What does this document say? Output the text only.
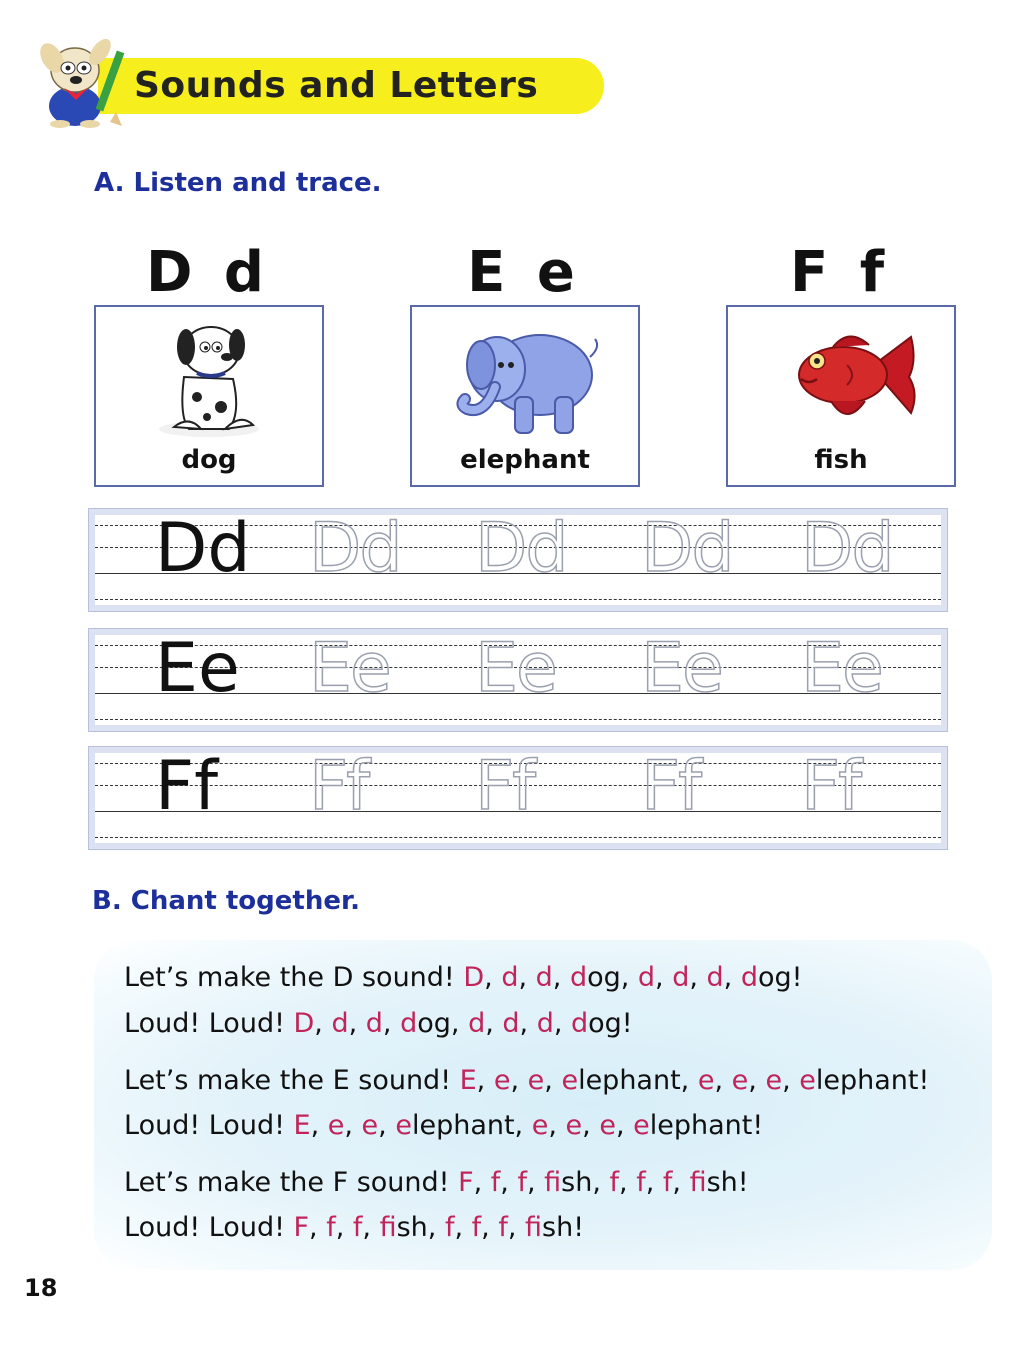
Sounds and Letters
A. Listen and trace.
D d	E e	F f
dog	elephant	fish
Dd Dd Dd Dd Dd
Ee Ee Ee Ee Ee
Ff Ff Ff Ff Ff
B. Chant together.
Let’s make the D sound! D, d, d, dog, d, d, d, dog!
Loud! Loud! D, d, d, dog, d, d, d, dog!
Let’s make the E sound! E, e, e, elephant, e, e, e, elephant!
Loud! Loud! E, e, e, elephant, e, e, e, elephant!
Let’s make the F sound! F, f, f, fish, f, f, f, fish!
Loud! Loud! F, f, f, fish, f, f, f, fish!
18
